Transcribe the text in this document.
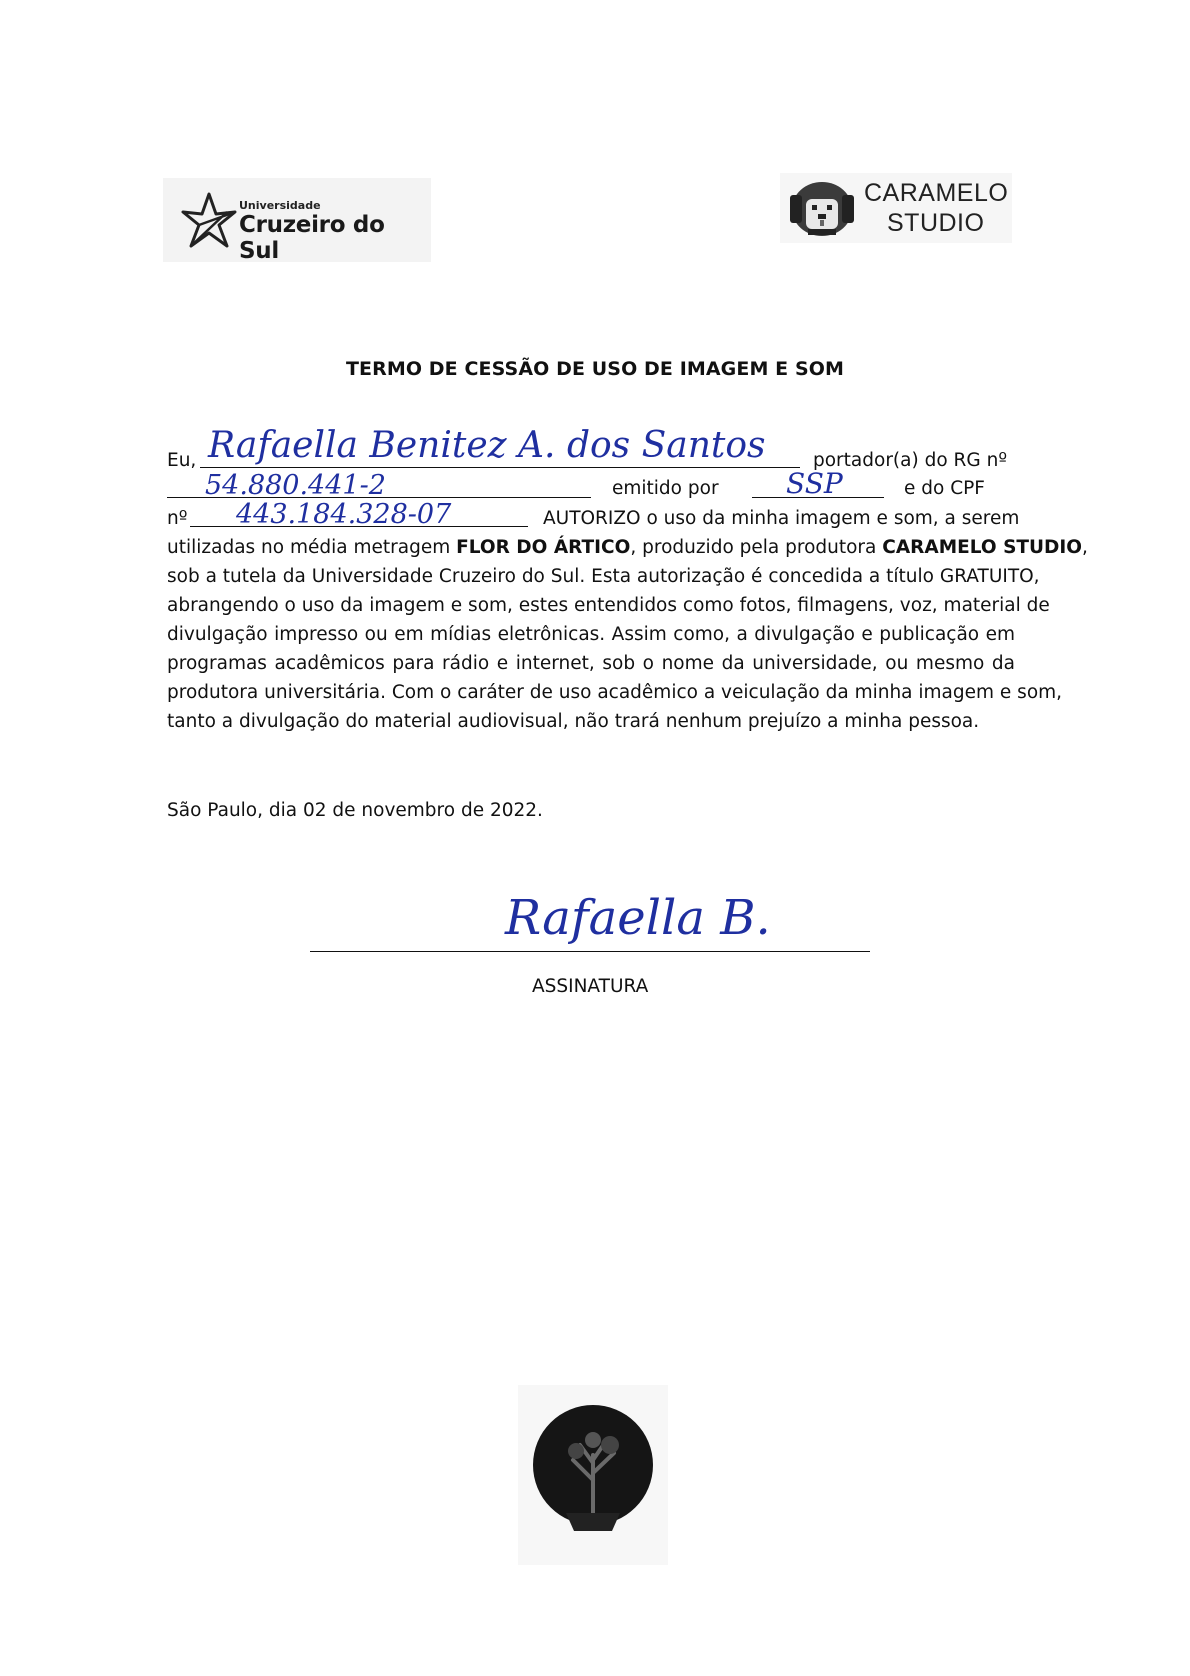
Universidade
Cruzeiro do Sul
CARAMELO
STUDIO
TERMO DE CESSÃO DE USO DE IMAGEM E SOM
Eu, Rafaella Benitez A. dos Santos	portador(a) do RG nº
54.880.441-2	emitido por SSP	e do CPF
nº 443.184.328-07	AUTORIZO o uso da minha imagem e som, a serem
utilizadas no média metragem FLOR DO ÁRTICO, produzido pela produtora CARAMELO STUDIO,
sob a tutela da Universidade Cruzeiro do Sul. Esta autorização é concedida a título GRATUITO,
abrangendo o uso da imagem e som, estes entendidos como fotos, filmagens, voz, material de
divulgação impresso ou em mídias eletrônicas. Assim como, a divulgação e publicação em
programas acadêmicos para rádio e internet, sob o nome da universidade, ou mesmo da
produtora universitária. Com o caráter de uso acadêmico a veiculação da minha imagem e som,
tanto a divulgação do material audiovisual, não trará nenhum prejuízo a minha pessoa.
São Paulo, dia 02 de novembro de 2022.
Rafaella B.
ASSINATURA
